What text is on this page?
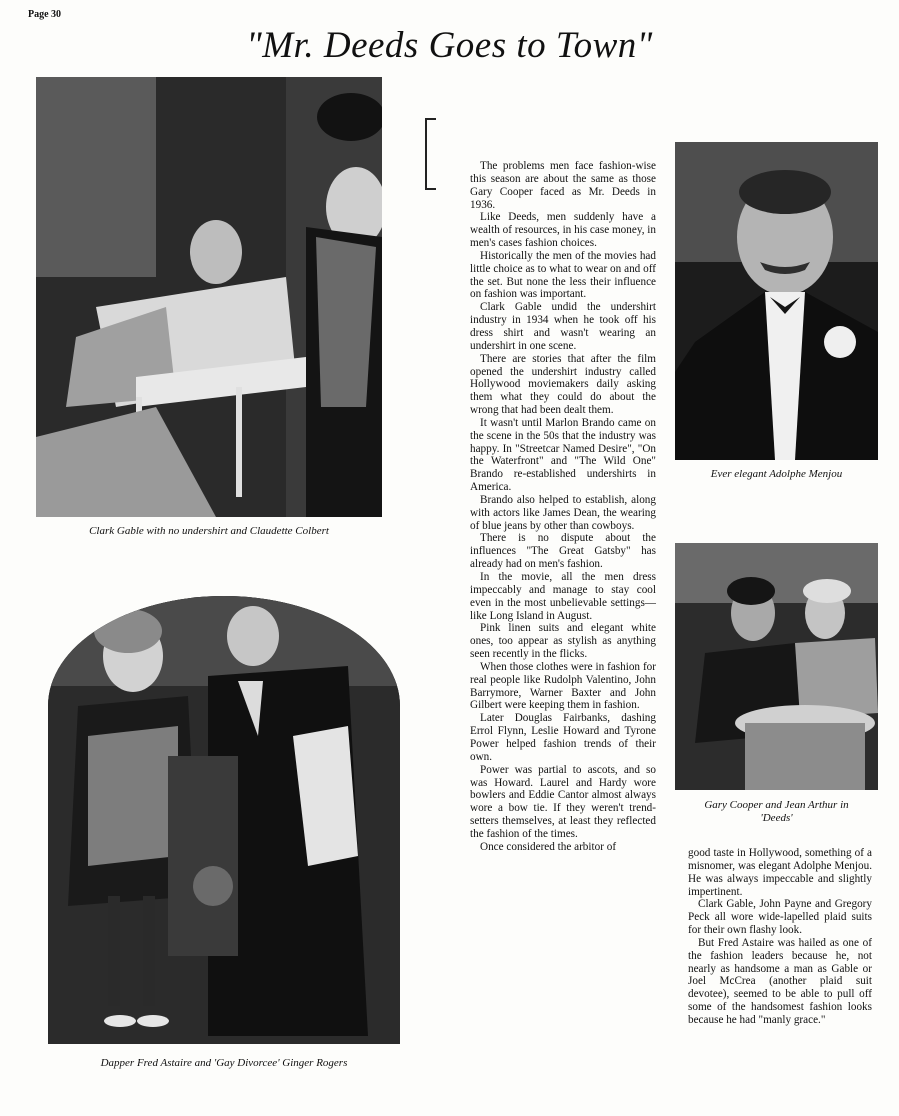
Page 30
"Mr. Deeds Goes to Town"
Clark Gable with no undershirt and Claudette Colbert
Dapper Fred Astaire and 'Gay Divorcee' Ginger Rogers

The problems men face fashion-wise this season are about the same as those Gary Cooper faced as Mr. Deeds in 1936.

Like Deeds, men suddenly have a wealth of resources, in his case money, in men's cases fashion choices.

Historically the men of the movies had little choice as to what to wear on and off the set. But none the less their influence on fashion was important.

Clark Gable undid the undershirt industry in 1934 when he took off his dress shirt and wasn't wearing an undershirt in one scene.

There are stories that after the film opened the undershirt industry called Hollywood moviemakers daily asking them what they could do about the wrong that had been dealt them.

It wasn't until Marlon Brando came on the scene in the 50s that the industry was happy. In "Streetcar Named Desire", "On the Waterfront" and "The Wild One" Brando re-established undershirts in America.

Brando also helped to establish, along with actors like James Dean, the wearing of blue jeans by other than cowboys.

There is no dispute about the influences "The Great Gatsby" has already had on men's fashion.

In the movie, all the men dress impeccably and manage to stay cool even in the most unbelievable settings—like Long Island in August.

Pink linen suits and elegant white ones, too appear as stylish as anything seen recently in the flicks.

When those clothes were in fashion for real people like Rudolph Valentino, John Barrymore, Warner Baxter and John Gilbert were keeping them in fashion.

Later Douglas Fairbanks, dashing Errol Flynn, Leslie Howard and Tyrone Power helped fashion trends of their own.

Power was partial to ascots, and so was Howard. Laurel and Hardy wore bowlers and Eddie Cantor almost always wore a bow tie. If they weren't trend-setters themselves, at least they reflected the fashion of the times.

Once considered the arbitor of

Ever elegant Adolphe Menjou
Gary Cooper and Jean Arthur in
'Deeds'

good taste in Hollywood, something of a misnomer, was elegant Adolphe Menjou. He was always impeccable and slightly impertinent.

Clark Gable, John Payne and Gregory Peck all wore wide-lapelled plaid suits for their own flashy look.

But Fred Astaire was hailed as one of the fashion leaders because he, not nearly as handsome a man as Gable or Joel McCrea (another plaid suit devotee), seemed to be able to pull off some of the handsomest fashion looks because he had "manly grace."
